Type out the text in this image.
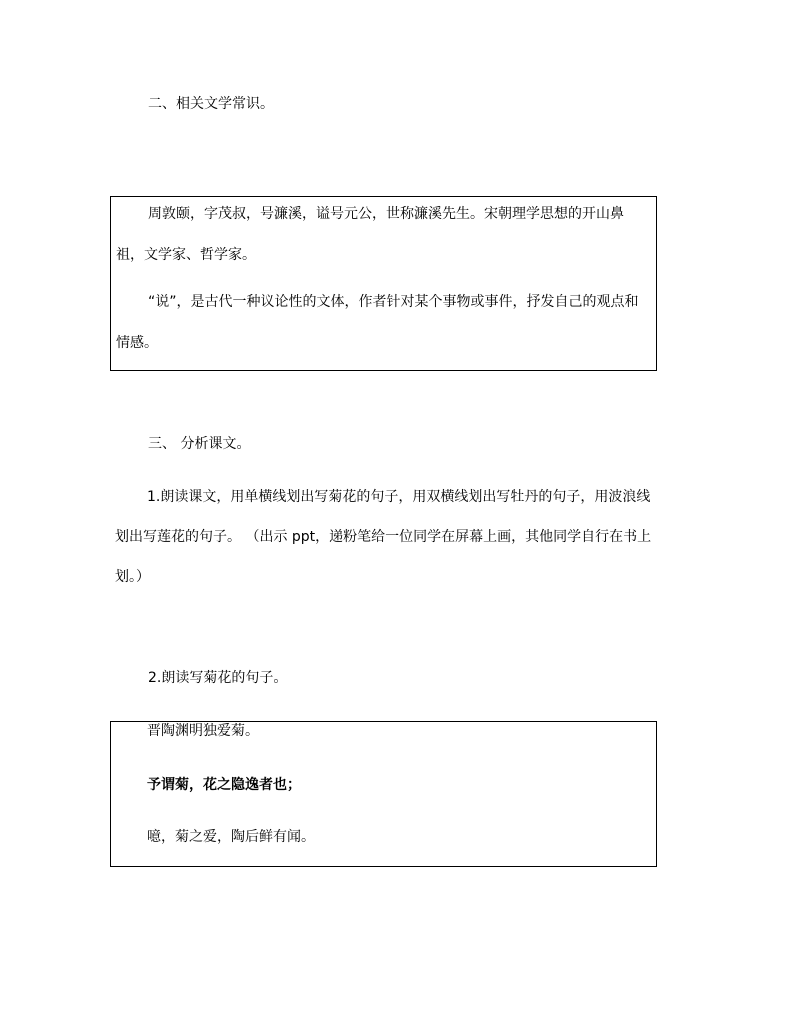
二、相关文学常识。

周敦颐，字茂叔，号濂溪，谥号元公，世称濂溪先生。宋朝理学思想的开山鼻祖，文学家、哲学家。

“说”，是古代一种议论性的文体，作者针对某个事物或事件，抒发自己的观点和情感。

三、 分析课文。

1.朗读课文，用单横线划出写菊花的句子，用双横线划出写牡丹的句子，用波浪线划出写莲花的句子。 （出示 ppt，递粉笔给一位同学在屏幕上画，其他同学自行在书上划。）

2.朗读写菊花的句子。

晋陶渊明独爱菊。

予谓菊，花之隐逸者也；

噫，菊之爱，陶后鲜有闻。
